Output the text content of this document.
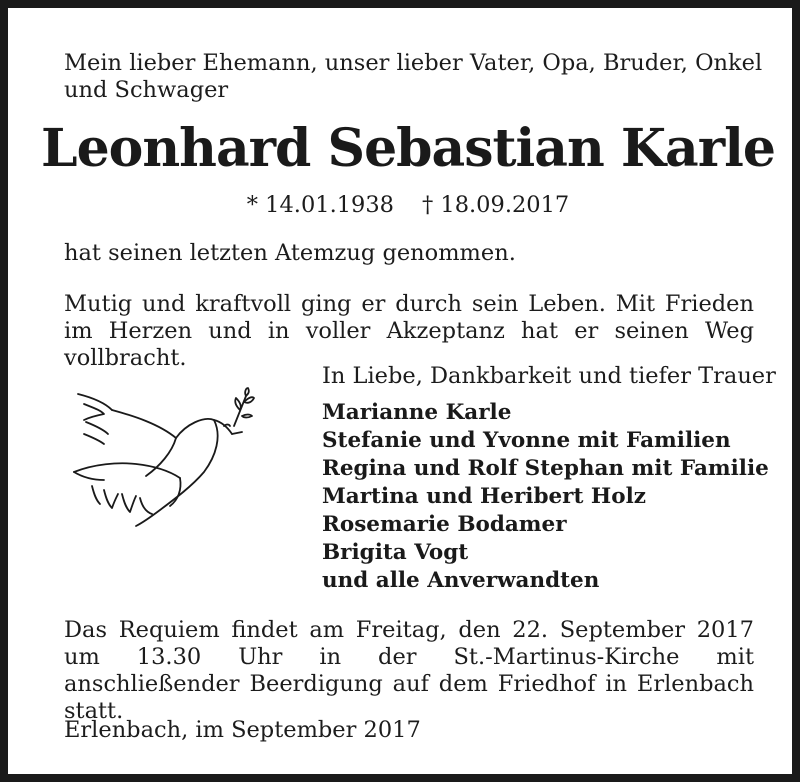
Mein lieber Ehemann, unser lieber Vater, Opa, Bruder, Onkel
und Schwager

Leonhard Sebastian Karle

* 14.01.1938 † 18.09.2017

hat seinen letzten Atemzug genommen.

Mutig und kraftvoll ging er durch sein Leben. Mit Frieden im Herzen und in voller Akzeptanz hat er seinen Weg vollbracht.

In Liebe, Dankbarkeit und tiefer Trauer

Marianne Karle
Stefanie und Yvonne mit Familien
Regina und Rolf Stephan mit Familie
Martina und Heribert Holz
Rosemarie Bodamer
Brigita Vogt
und alle Anverwandten

Das Requiem findet am Freitag, den 22. September 2017 um 13.30 Uhr in der St.-Martinus-Kirche mit anschließender Beerdigung auf dem Friedhof in Erlenbach statt.

Erlenbach, im September 2017
